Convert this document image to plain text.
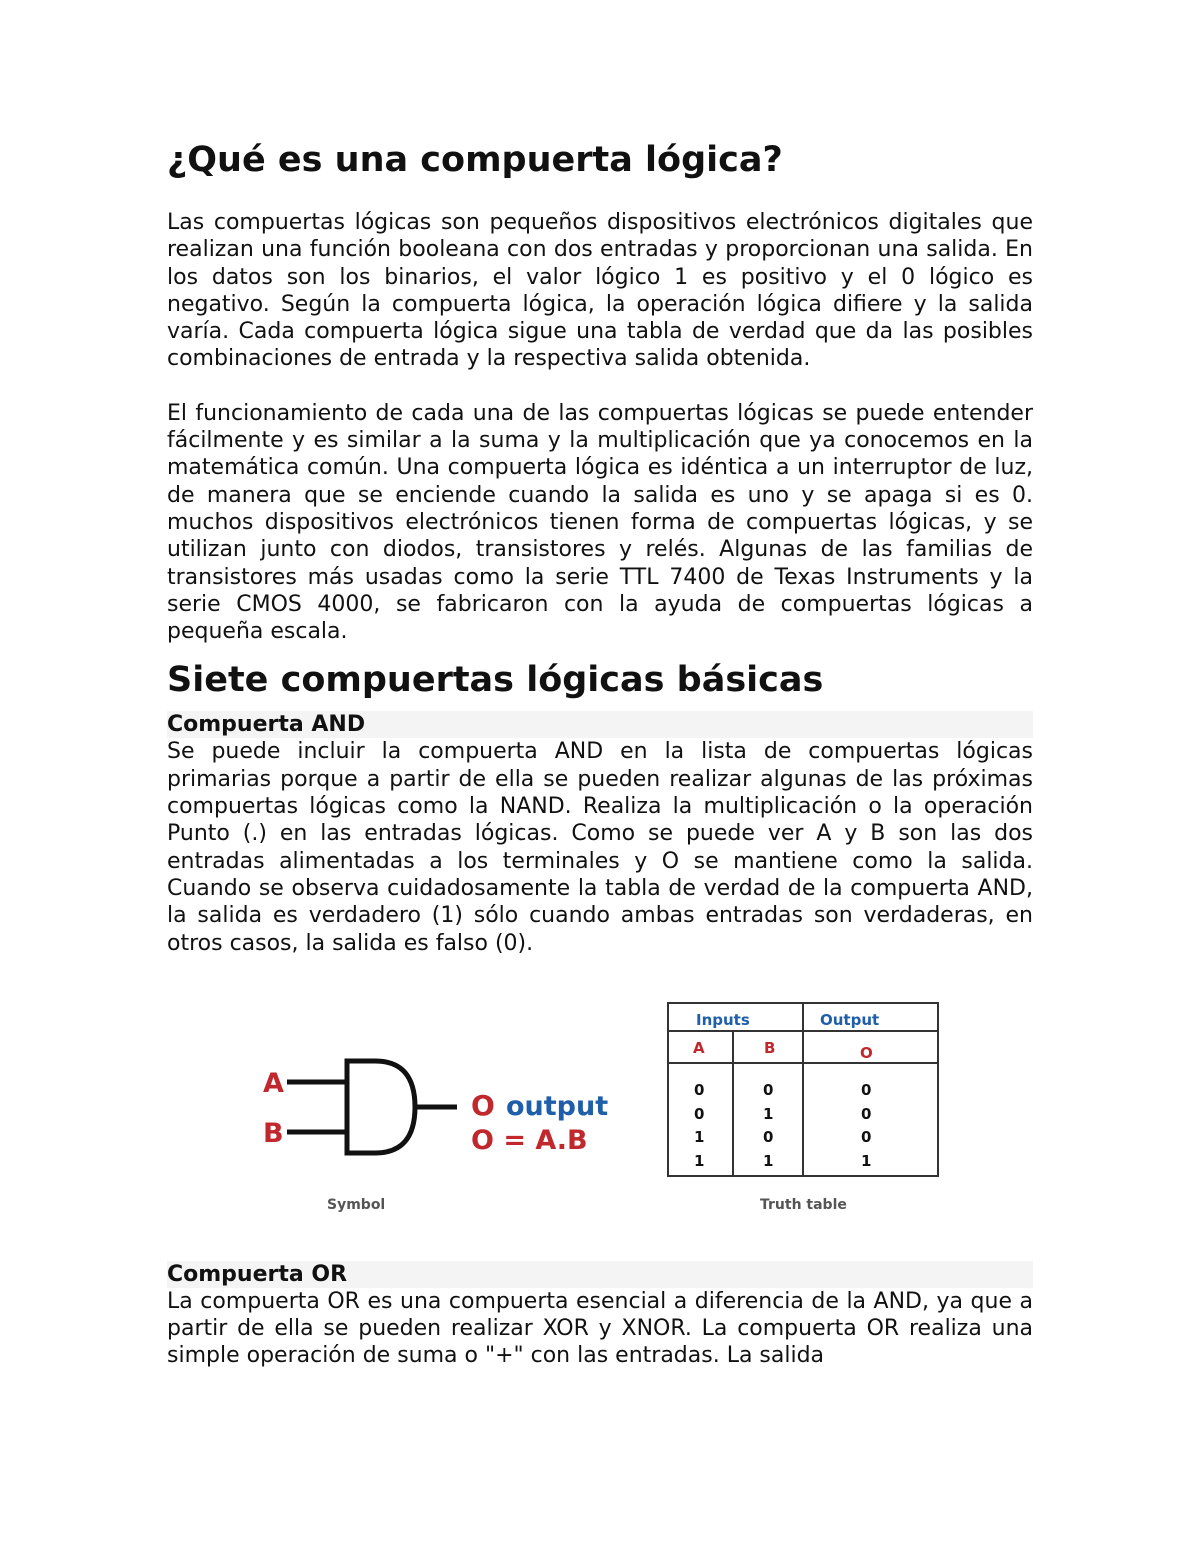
¿Qué es una compuerta lógica?

Las compuertas lógicas son pequeños dispositivos electrónicos digitales que realizan una función booleana con dos entradas y proporcionan una salida. En los datos son los binarios, el valor lógico 1 es positivo y el 0 lógico es negativo. Según la compuerta lógica, la operación lógica difiere y la salida varía. Cada compuerta lógica sigue una tabla de verdad que da las posibles combinaciones de entrada y la respectiva salida obtenida.

El funcionamiento de cada una de las compuertas lógicas se puede entender fácilmente y es similar a la suma y la multiplicación que ya conocemos en la matemática común. Una compuerta lógica es idéntica a un interruptor de luz, de manera que se enciende cuando la salida es uno y se apaga si es 0. muchos dispositivos electrónicos tienen forma de compuertas lógicas, y se utilizan junto con diodos, transistores y relés. Algunas de las familias de transistores más usadas como la serie TTL 7400 de Texas Instruments y la serie CMOS 4000, se fabricaron con la ayuda de compuertas lógicas a pequeña escala.

Siete compuertas lógicas básicas
Compuerta AND

Se puede incluir la compuerta AND en la lista de compuertas lógicas primarias porque a partir de ella se pueden realizar algunas de las próximas compuertas lógicas como la NAND. Realiza la multiplicación o la operación Punto (.) en las entradas lógicas. Como se puede ver A y B son las dos entradas alimentadas a los terminales y O se mantiene como la salida. Cuando se observa cuidadosamente la tabla de verdad de la compuerta AND, la salida es verdadero (1) sólo cuando ambas entradas son verdaderas, en otros casos, la salida es falso (0).

A
B
O output
O = A.B
Symbol
Inputs	Output
A	B	O
0	0	0
0	1	0
1	0	0
1	1	1
Truth table
Compuerta OR

La compuerta OR es una compuerta esencial a diferencia de la AND, ya que a partir de ella se pueden realizar XOR y XNOR. La compuerta OR realiza una simple operación de suma o "+" con las entradas. La salida
